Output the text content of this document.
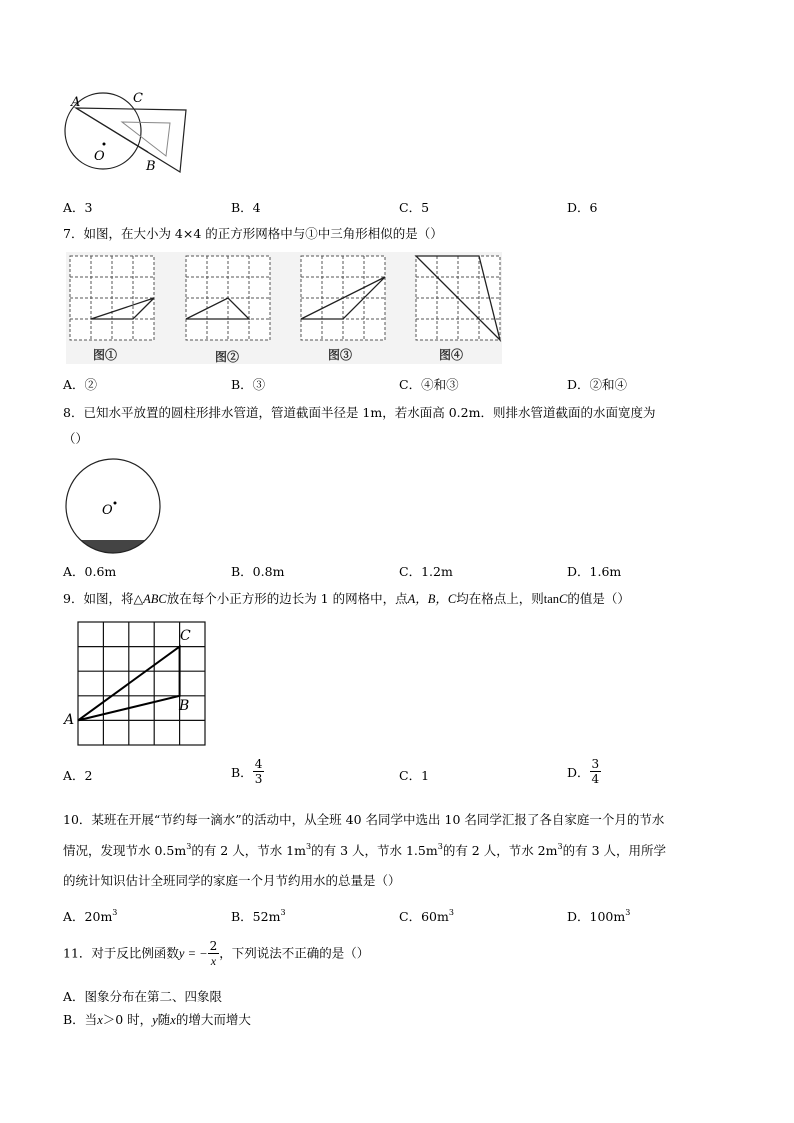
A	C
O
B
A．3	B．4	C．5	D．6
7．如图，在大小为 4×4 的正方形网格中与①中三角形相似的是（）
图①	图②	图③	图④
A．②	B．③	C．④和③	D．②和④
8．已知水平放置的圆柱形排水管道，管道截面半径是 1m，若水面高 0.2m．则排水管道截面的水面宽度为
（）
O
A．0.6m	B．0.8m	C．1.2m	D．1.6m
9．如图，将△ABC放在每个小正方形的边长为 1 的网格中，点A，B，C均在格点上，则tanC的值是（）
A
B
C
A．2	B． $\frac{4}{3}$	C．1	D． $\frac{3}{4}$
10．某班在开展“节约每一滴水”的活动中，从全班 40 名同学中选出 10 名同学汇报了各自家庭一个月的节水
情况，发现节水 $0.5m^3$的有 2 人，节水 $1m^3$的有 3 人，节水 $1.5m^3$的有 2 人，节水 $2m^3$的有 3 人，用所学
的统计知识估计全班同学的家庭一个月节约用水的总量是（）
A．$20m^3$	B．$52m^3$	C．$60m^3$	D．$100m^3$
11．对于反比例函数y = − $\frac{2}{x}$ ，下列说法不正确的是（）
A．图象分布在第二、四象限
B．当x＞0 时，y随x的增大而增大
